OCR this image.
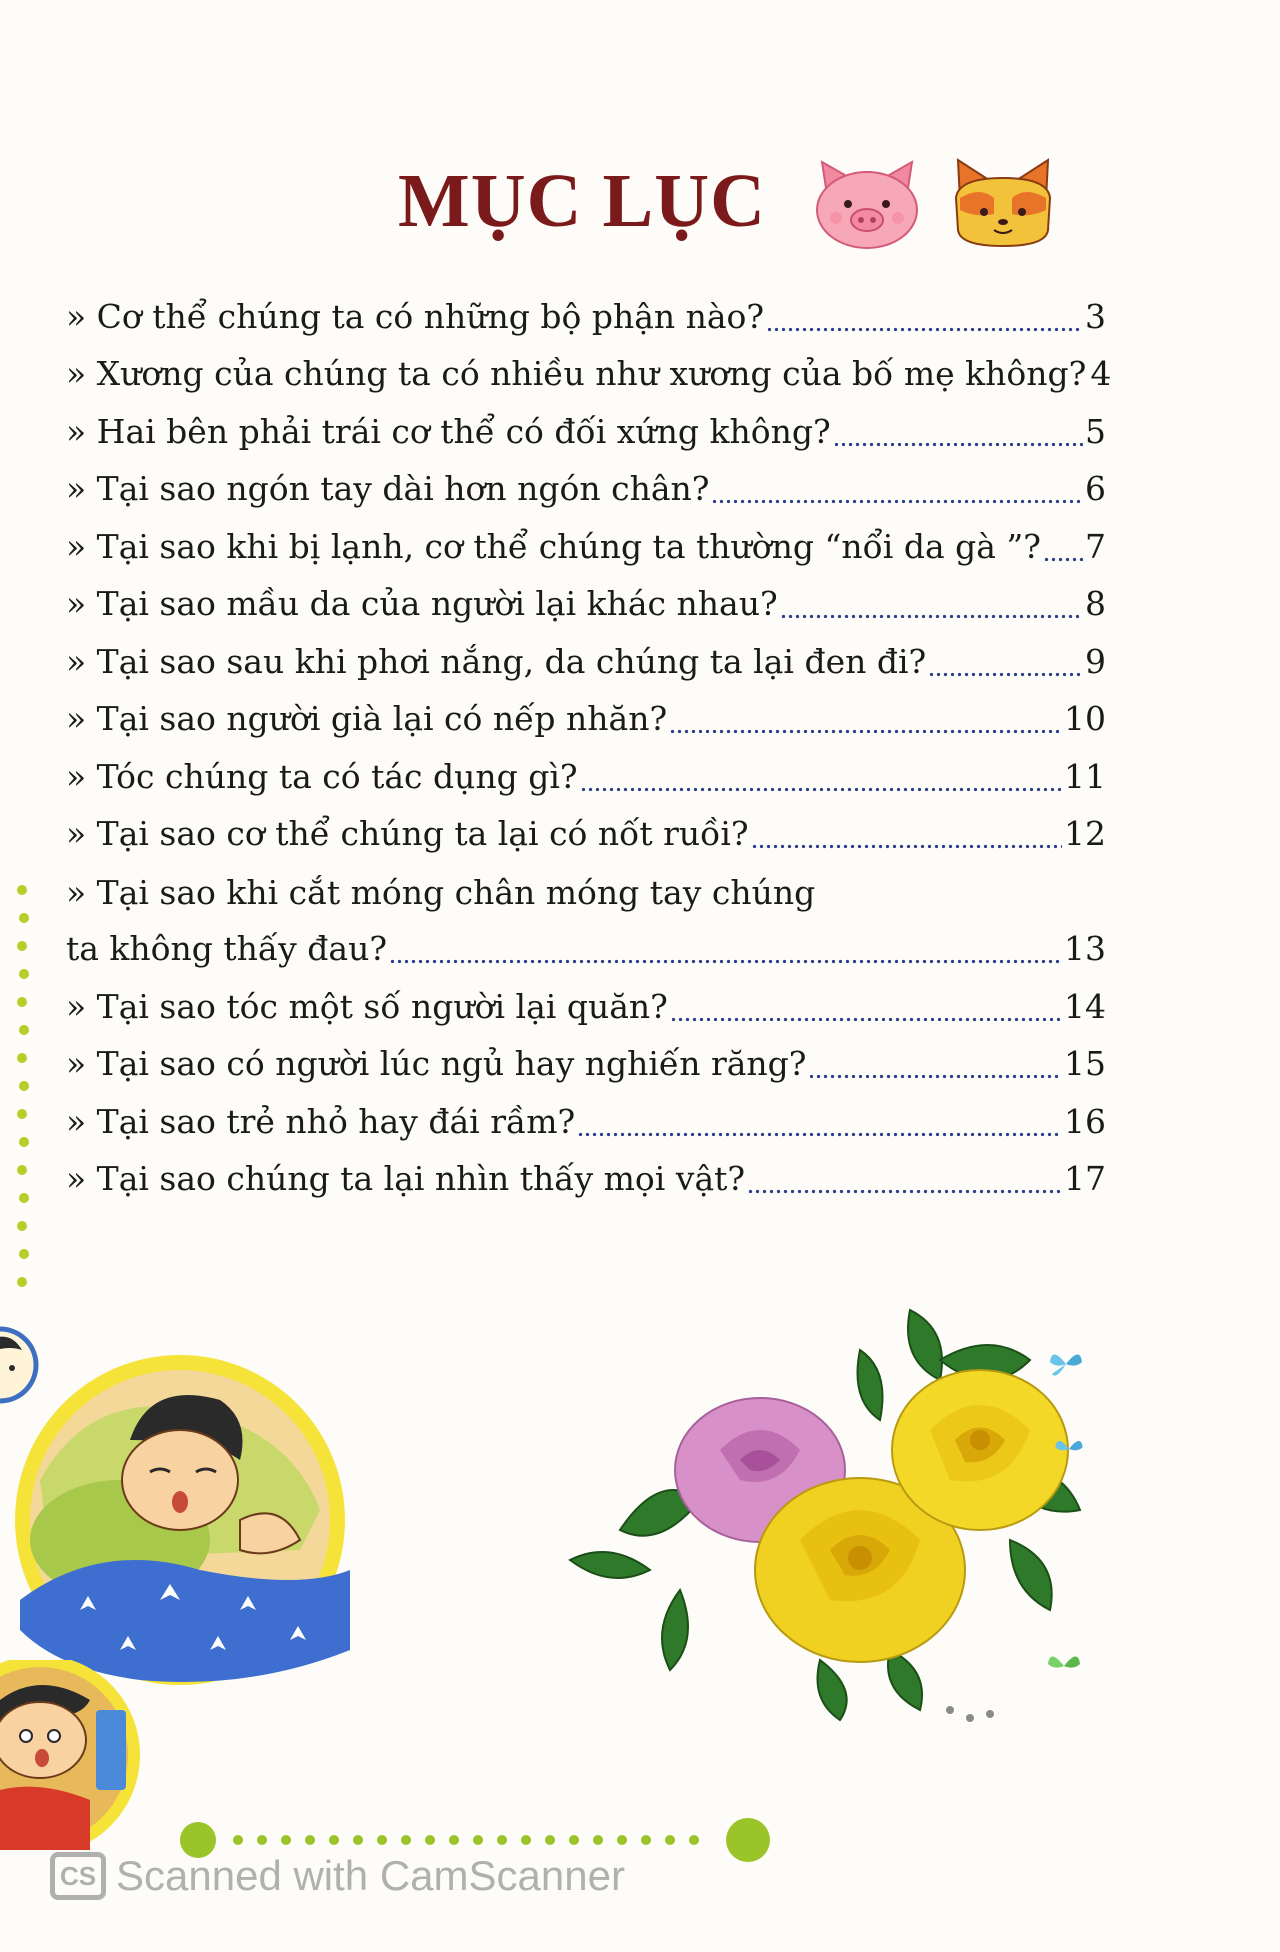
MỤC LỤC
» Cơ thể chúng ta có những bộ phận nào?	3
» Xương của chúng ta có nhiều như xương của bố mẹ không? 4
» Hai bên phải trái cơ thể có đối xứng không?	5
» Tại sao ngón tay dài hơn ngón chân?	6
» Tại sao khi bị lạnh, cơ thể chúng ta thường “nổi da gà ”? 7
» Tại sao mầu da của người lại khác nhau?	8
» Tại sao sau khi phơi nắng, da chúng ta lại đen đi?	9
» Tại sao người già lại có nếp nhăn?	10
» Tóc chúng ta có tác dụng gì?	11
» Tại sao cơ thể chúng ta lại có nốt ruồi?	12
» Tại sao khi cắt móng chân móng tay chúng
ta không thấy đau?	13
» Tại sao tóc một số người lại quăn?	14
» Tại sao có người lúc ngủ hay nghiến răng?	15
» Tại sao trẻ nhỏ hay đái rầm?	16
» Tại sao chúng ta lại nhìn thấy mọi vật?	17
CS Scanned with CamScanner
